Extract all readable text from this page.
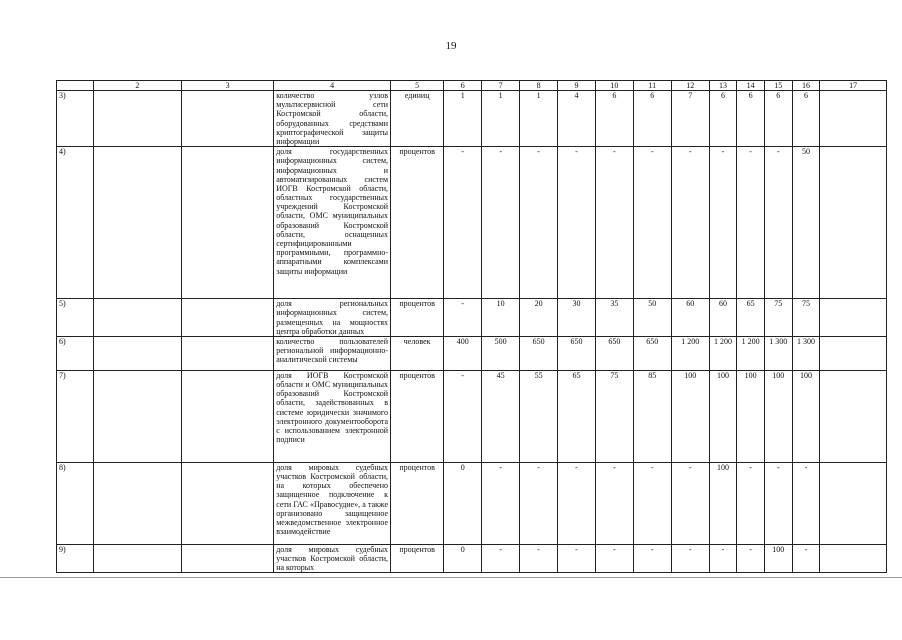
19
	2	3	4	5	6	7	8	9	10	11	12	13	14	15	16	17
3)			количество узлов мультисервисной сети Костромской области, оборудованных средствами криптографической защиты информации	единиц	1	1	1	4	6	6	7	6	6	6	6	
4)			доля государственных информационных систем, информационных и автоматизированных систем ИОГВ Костромской области, областных государственных учреждений Костромской области, ОМС муниципальных образований Костромской области, оснащенных сертифицированными программными, программно-аппаратными комплексами защиты информации	процентов	-	-	-	-	-	-	-	-	-	-	50	
5)			доля региональных информационных систем, размещенных на мощностях центра обработки данных	процентов	-	10	20	30	35	50	60	60	65	75	75	
6)			количество пользователей региональной информационно-аналитической системы	человек	400	500	650	650	650	650	1 200	1 200	1 200	1 300	1 300	
7)			доля ИОГВ Костромской области и ОМС муниципальных образований Костромской области, задействованных в системе юридически значимого электронного документооборота с использованием электронной подписи	процентов	-	45	55	65	75	85	100	100	100	100	100	
8)			доля мировых судебных участков Костромской области, на которых обеспечено защищенное подключение к сети ГАС «Правосудие», а также организовано защищенное межведомственное электронное взаимодействие	процентов	0	-	-	-	-	-	-	100	-	-	-	
9)			доля мировых судебных участков Костромской области, на которых	процентов	0	-	-	-	-	-	-	-	-	100	-	
